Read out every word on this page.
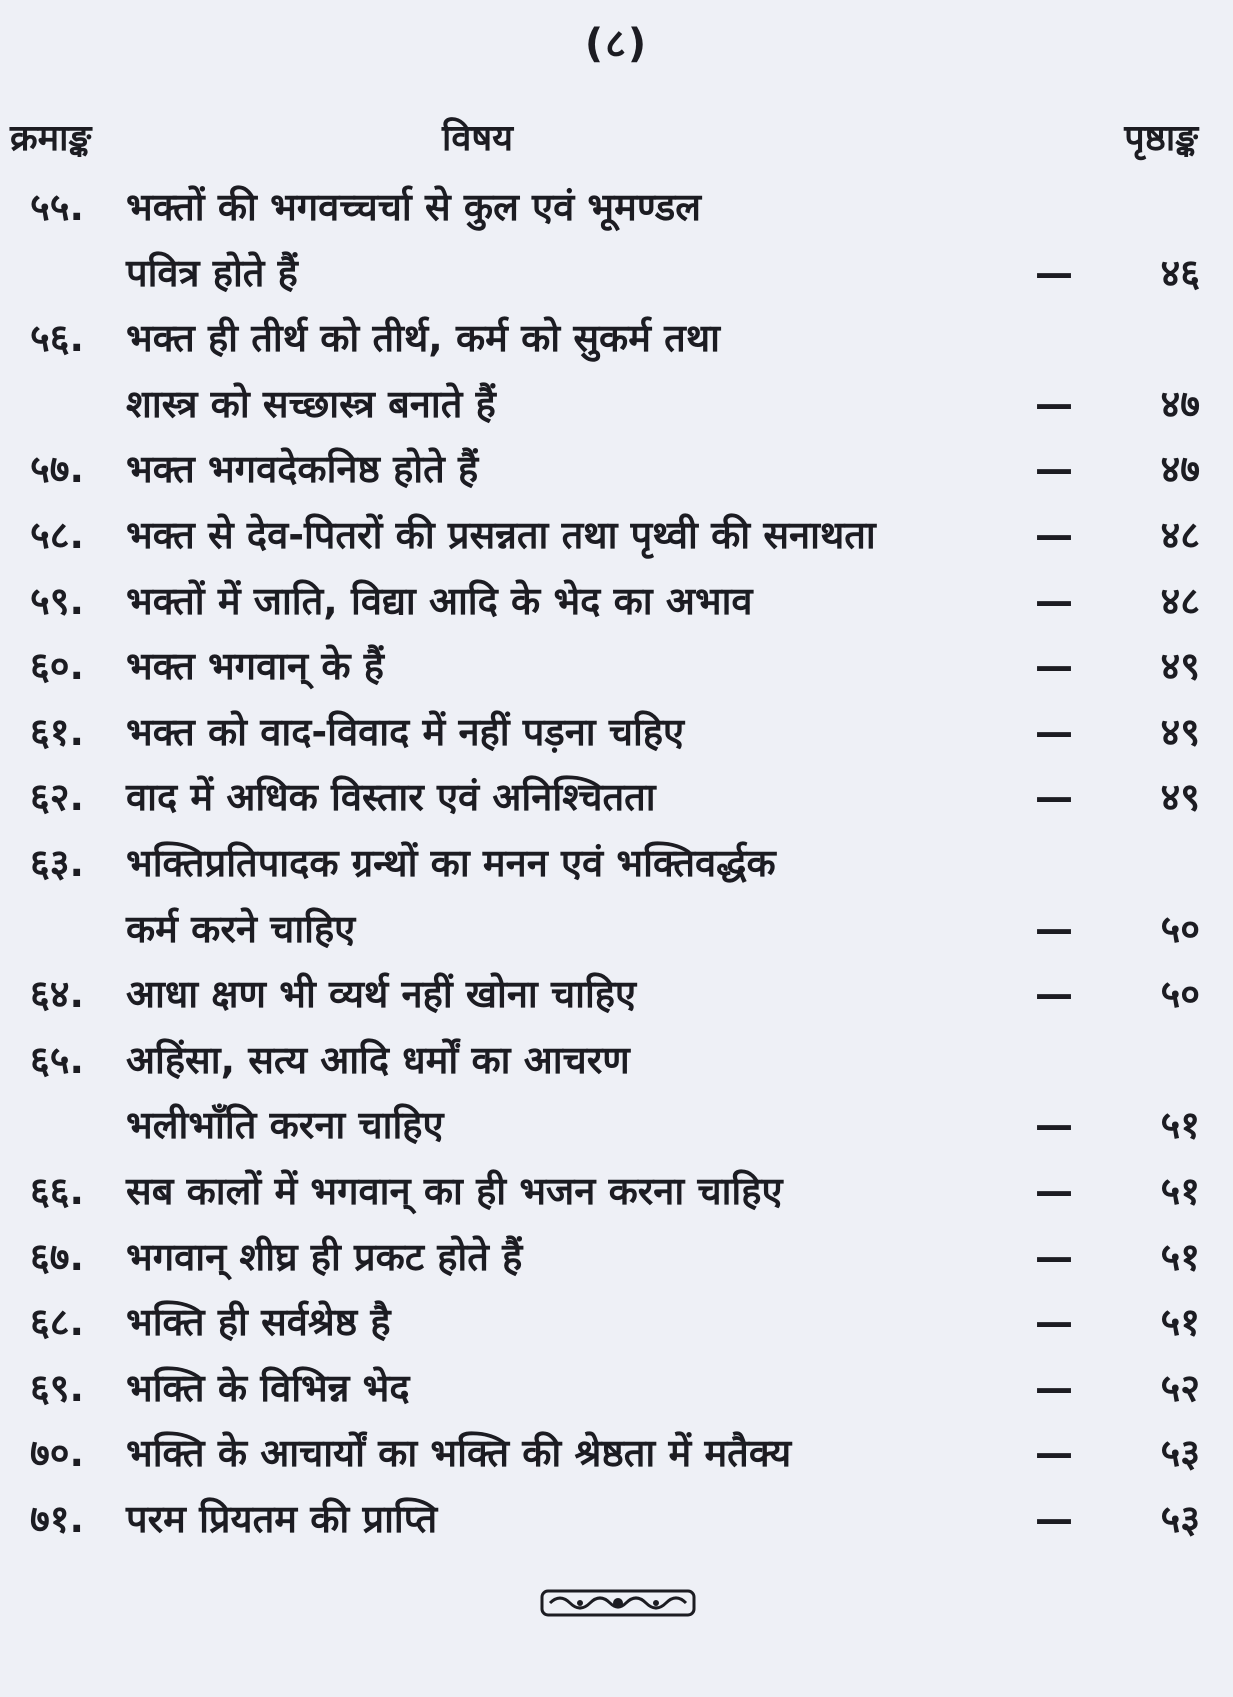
(८)
क्रमाङ्क	विषय	पृष्ठाङ्क
५५. भक्तों की भगवच्चर्चा से कुल एवं भूमण्डल
पवित्र होते हैं	—	४६
५६. भक्त ही तीर्थ को तीर्थ, कर्म को सुकर्म तथा
शास्त्र को सच्छास्त्र बनाते हैं	—	४७
५७. भक्त भगवदेकनिष्ठ होते हैं	—	४७
५८. भक्त से देव-पितरों की प्रसन्नता तथा पृथ्वी की सनाथता	—	४८
५९. भक्तों में जाति, विद्या आदि के भेद का अभाव	—	४८
६०. भक्त भगवान् के हैं	—	४९
६१. भक्त को वाद-विवाद में नहीं पड़ना चहिए	—	४९
६२. वाद में अधिक विस्तार एवं अनिश्चितता	—	४९
६३. भक्तिप्रतिपादक ग्रन्थों का मनन एवं भक्तिवर्द्धक
कर्म करने चाहिए	—	५०
६४. आधा क्षण भी व्यर्थ नहीं खोना चाहिए	—	५०
६५. अहिंसा, सत्य आदि धर्मों का आचरण
भलीभाँति करना चाहिए	—	५१
६६. सब कालों में भगवान् का ही भजन करना चाहिए	—	५१
६७. भगवान् शीघ्र ही प्रकट होते हैं	—	५१
६८. भक्ति ही सर्वश्रेष्ठ है	—	५१
६९. भक्ति के विभिन्न भेद	—	५२
७०. भक्ति के आचार्यों का भक्ति की श्रेष्ठता में मतैक्य	—	५३
७१. परम प्रियतम की प्राप्ति	—	५३
